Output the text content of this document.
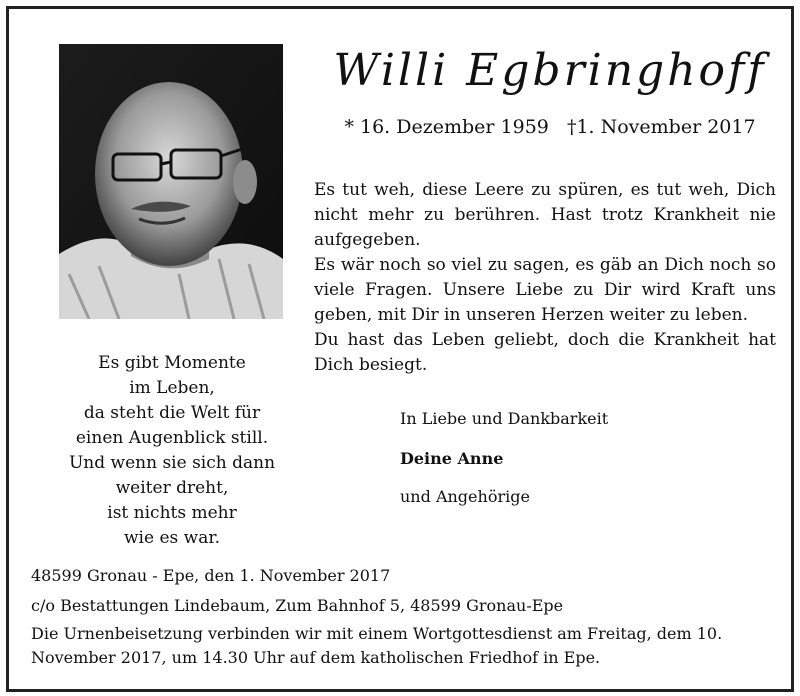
Willi Egbringhoff
* 16. Dezember 1959 †1. November 2017

Es tut weh, diese Leere zu spüren, es tut weh, Dich nicht mehr zu berühren. Hast trotz Krankheit nie aufgegeben.

Es wär noch so viel zu sagen, es gäb an Dich noch so viele Fragen. Unsere Liebe zu Dir wird Kraft uns geben, mit Dir in unseren Herzen weiter zu leben.

Du hast das Leben geliebt, doch die Krankheit hat Dich besiegt.

Es gibt Momente
im Leben,
da steht die Welt für
einen Augenblick still.
Und wenn sie sich dann
weiter dreht,
ist nichts mehr
wie es war.
In Liebe und Dankbarkeit
Deine Anne
und Angehörige
48599 Gronau - Epe, den 1. November 2017
c/o Bestattungen Lindebaum, Zum Bahnhof 5, 48599 Gronau-Epe
Die Urnenbeisetzung verbinden wir mit einem Wortgottesdienst am Freitag, dem 10. November 2017, um 14.30 Uhr auf dem katholischen Friedhof in Epe.
